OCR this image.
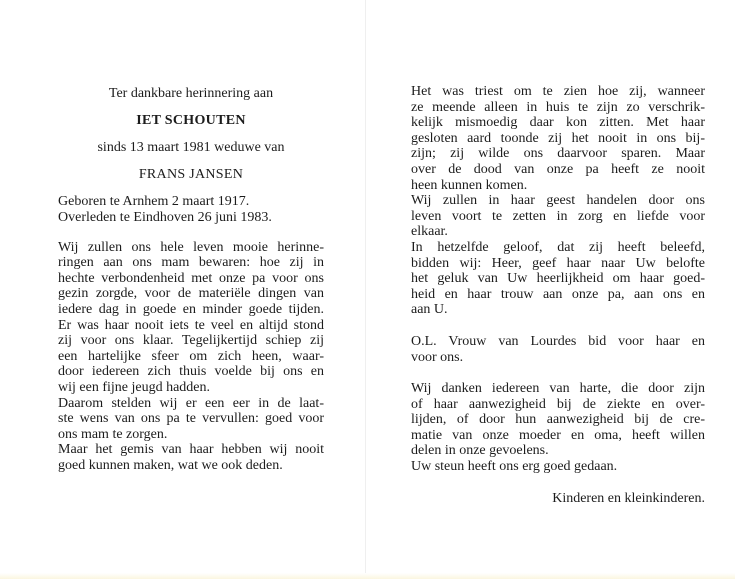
Ter dankbare herinnering aan
IET SCHOUTEN
sinds 13 maart 1981 weduwe van
FRANS JANSEN
Geboren te Arnhem 2 maart 1917.
Overleden te Eindhoven 26 juni 1983.
Wij zullen ons hele leven mooie herinne-
ringen aan ons mam bewaren: hoe zij in
hechte verbondenheid met onze pa voor ons
gezin zorgde, voor de materiële dingen van
iedere dag in goede en minder goede tijden.
Er was haar nooit iets te veel en altijd stond
zij voor ons klaar. Tegelijkertijd schiep zij
een hartelijke sfeer om zich heen, waar-
door iedereen zich thuis voelde bij ons en
wij een fijne jeugd hadden.
Daarom stelden wij er een eer in de laat-
ste wens van ons pa te vervullen: goed voor
ons mam te zorgen.
Maar het gemis van haar hebben wij nooit
goed kunnen maken, wat we ook deden.
Het was triest om te zien hoe zij, wanneer
ze meende alleen in huis te zijn zo verschrik-
kelijk mismoedig daar kon zitten. Met haar
gesloten aard toonde zij het nooit in ons bij-
zijn; zij wilde ons daarvoor sparen. Maar
over de dood van onze pa heeft ze nooit
heen kunnen komen.
Wij zullen in haar geest handelen door ons
leven voort te zetten in zorg en liefde voor
elkaar.
In hetzelfde geloof, dat zij heeft beleefd,
bidden wij: Heer, geef haar naar Uw belofte
het geluk van Uw heerlijkheid om haar goed-
heid en haar trouw aan onze pa, aan ons en
aan U.
O.L. Vrouw van Lourdes bid voor haar en
voor ons.
Wij danken iedereen van harte, die door zijn
of haar aanwezigheid bij de ziekte en over-
lijden, of door hun aanwezigheid bij de cre-
matie van onze moeder en oma, heeft willen
delen in onze gevoelens.
Uw steun heeft ons erg goed gedaan.
Kinderen en kleinkinderen.
